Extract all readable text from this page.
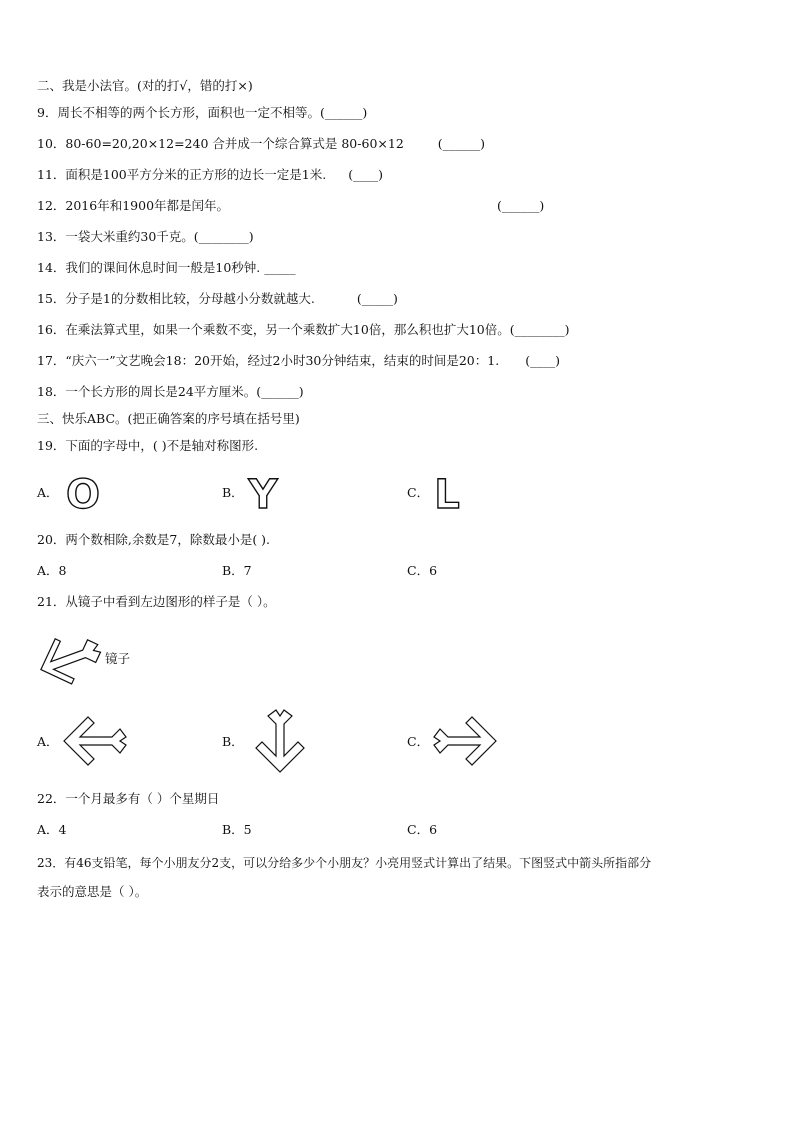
二、我是小法官。(对的打√，错的打×)
9．周长不相等的两个长方形，面积也一定不相等。(______)
10．80-60=20,20×12=240 合并成一个综合算式是 80-60×12	(______)
11．面积是100平方分米的正方形的边长一定是1米. (____)
12．2016年和1900年都是闰年。	(______)
13．一袋大米重约30千克。(________)
14．我们的课间休息时间一般是10秒钟. _____
15．分子是1的分数相比较，分母越小分数就越大.	(_____)
16．在乘法算式里，如果一个乘数不变，另一个乘数扩大10倍，那么积也扩大10倍。(________)
17．“庆六一”文艺晚会18：20开始，经过2小时30分钟结束，结束的时间是20：1. (____)
18．一个长方形的周长是24平方厘米。(______)
三、快乐ABC。(把正确答案的序号填在括号里)
19．下面的字母中，( )不是轴对称图形.
A． O	B． Y	C． L
20．两个数相除,余数是7，除数最小是( ).
A．8	B．7	C．6
21．从镜子中看到左边图形的样子是（ ）。
镜子
A．	B．	C．
22．一个月最多有（ ）个星期日
A．4	B．5	C．6
23．有46支铅笔，每个小朋友分2支，可以分给多少个小朋友？小亮用竖式计算出了结果。下图竖式中箭头所指部分
表示的意思是（ ）。
